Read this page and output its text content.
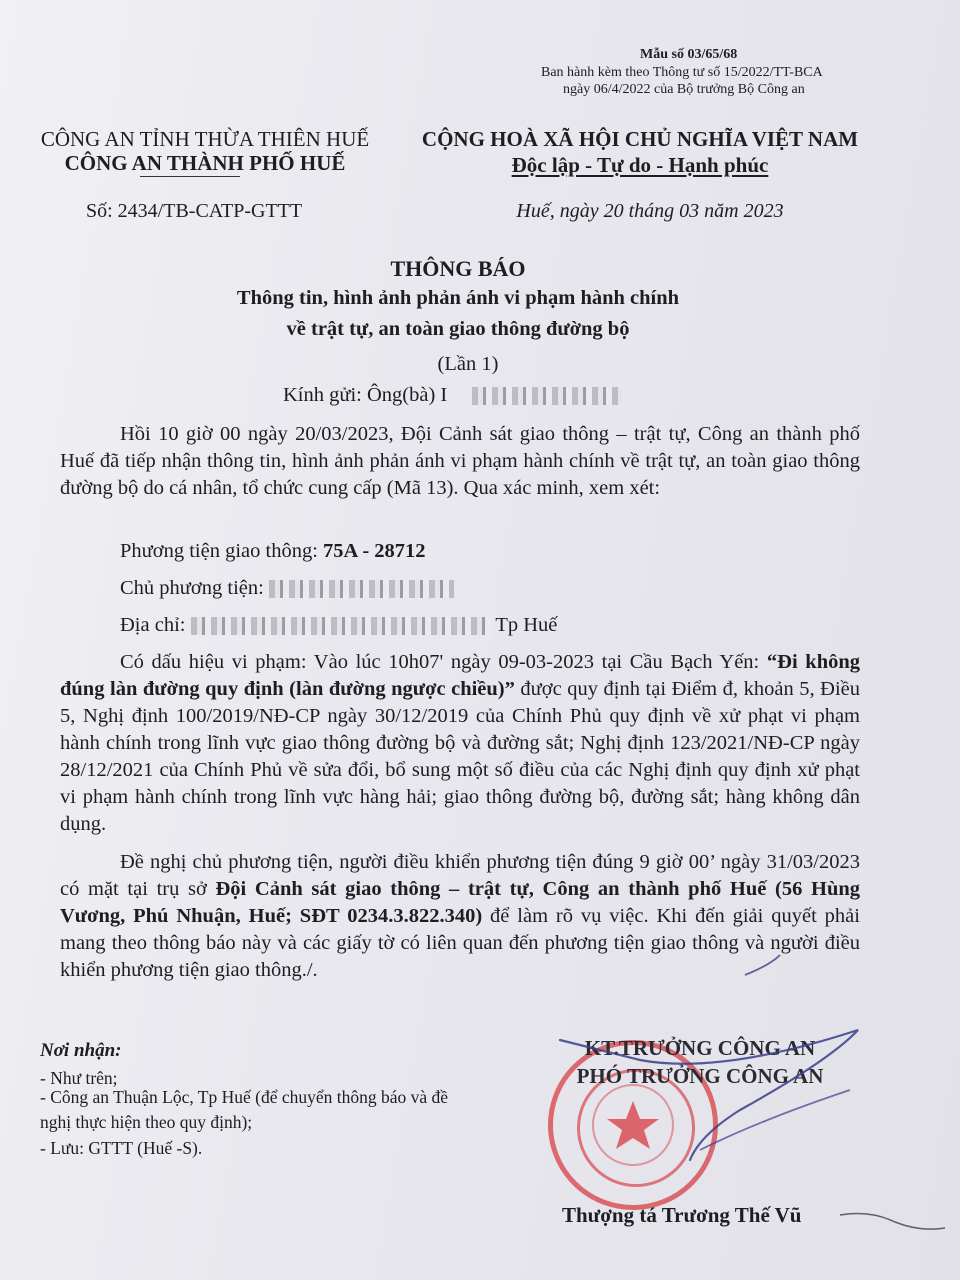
Mẫu số 03/65/68
Ban hành kèm theo Thông tư số 15/2022/TT-BCA
ngày 06/4/2022 của Bộ trưởng Bộ Công an
CÔNG AN TỈNH THỪA THIÊN HUẾ
CÔNG AN THÀNH PHỐ HUẾ
Số: 2434/TB-CATP-GTTT
CỘNG HOÀ XÃ HỘI CHỦ NGHĨA VIỆT NAM
Độc lập - Tự do - Hạnh phúc
Huế, ngày 20 tháng 03 năm 2023
THÔNG BÁO
Thông tin, hình ảnh phản ánh vi phạm hành chính
về trật tự, an toàn giao thông đường bộ
(Lần 1)
Kính gửi: Ông(bà) I
Hồi 10 giờ 00 ngày 20/03/2023, Đội Cảnh sát giao thông – trật tự, Công an thành phố Huế đã tiếp nhận thông tin, hình ảnh phản ánh vi phạm hành chính về trật tự, an toàn giao thông đường bộ do cá nhân, tổ chức cung cấp (Mã 13). Qua xác minh, xem xét:
Phương tiện giao thông: 75A - 28712
Chủ phương tiện:
Địa chỉ:	Tp Huế
Có dấu hiệu vi phạm: Vào lúc 10h07' ngày 09-03-2023 tại Cầu Bạch Yến: “Đi không đúng làn đường quy định (làn đường ngược chiều)” được quy định tại Điểm đ, khoản 5, Điều 5, Nghị định 100/2019/NĐ-CP ngày 30/12/2019 của Chính Phủ quy định về xử phạt vi phạm hành chính trong lĩnh vực giao thông đường bộ và đường sắt; Nghị định 123/2021/NĐ-CP ngày 28/12/2021 của Chính Phủ về sửa đổi, bổ sung một số điều của các Nghị định quy định xử phạt vi phạm hành chính trong lĩnh vực hàng hải; giao thông đường bộ, đường sắt; hàng không dân dụng.
Đề nghị chủ phương tiện, người điều khiển phương tiện đúng 9 giờ 00’ ngày 31/03/2023 có mặt tại trụ sở Đội Cảnh sát giao thông – trật tự, Công an thành phố Huế (56 Hùng Vương, Phú Nhuận, Huế; SĐT 0234.3.822.340) để làm rõ vụ việc. Khi đến giải quyết phải mang theo thông báo này và các giấy tờ có liên quan đến phương tiện giao thông và người điều khiển phương tiện giao thông./.
Nơi nhận:
- Như trên;
- Công an Thuận Lộc, Tp Huế (để chuyển thông báo và đề nghị thực hiện theo quy định);
- Lưu: GTTT (Huế -S).
KT.TRƯỞNG CÔNG AN
PHÓ TRƯỞNG CÔNG AN
Thượng tá Trương Thế Vũ
